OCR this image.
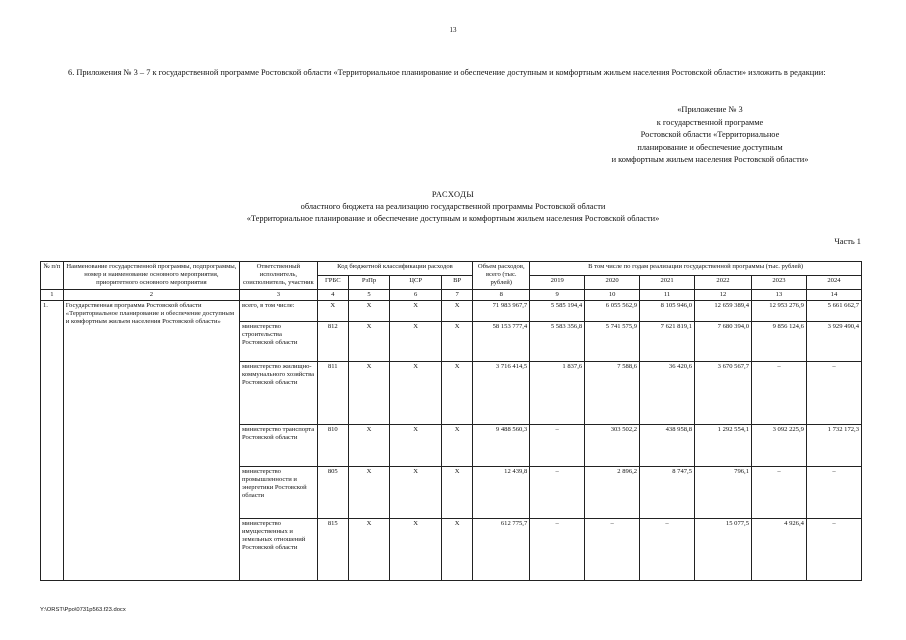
13
6. Приложения № 3 – 7 к государственной программе Ростовской области «Территориальное планирование и обеспечение доступным и комфортным жильем населения Ростовской области» изложить в редакции:
«Приложение № 3
к государственной программе
Ростовской области «Территориальное
планирование и обеспечение доступным
и комфортным жильем населения Ростовской области»
РАСХОДЫ
областного бюджета на реализацию государственной программы Ростовской области
«Территориальное планирование и обеспечение доступным и комфортным жильем населения Ростовской области»
Часть 1
№ п/п	Наименование государственной программы, подпрограммы, номер и наименование основного мероприятия, приоритетного основного мероприятия	Ответственный исполнитель, соисполнитель, участник	Код бюджетной классификации расходов				Объем расходов, всего (тыс. рублей)	В том числе по годам реализации государственной программы (тыс. рублей)					
			ГРБС	РзПр	ЦСР	ВР		2019	2020	2021	2022	2023	2024
1	2	3	4	5	6	7	8	9	10	11	12	13	14
1.	Государственная программа Ростовской области «Территориальное планирование и обеспечение доступным и комфортным жильем населения Ростовской области»	всего, в том числе:	X	X	X	X	71 983 967,7	5 585 194,4	6 055 562,9	8 105 946,0	12 659 389,4	12 953 276,9	5 661 662,7
		министерство строительства Ростовской области	812	X	X	X	58 153 777,4	5 583 356,8	5 741 575,9	7 621 819,1	7 680 394,0	9 856 124,6	3 929 490,4
		министерство жилищно-коммунального хозяйства Ростовской области	811	X	X	X	3 716 414,5	1 837,6	7 588,6	36 420,6	3 670 567,7	–	–
		министерство транспорта Ростовской области	810	X	X	X	9 488 560,3	–	303 502,2	438 958,8	1 292 554,1	3 092 225,9	1 732 172,3
		министерство промышленности и энергетики Ростовской области	805	X	X	X	12 439,8	–	2 896,2	8 747,5	796,1	–	–
		министерство имущественных и земельных отношений Ростовской области	815	X	X	X	612 775,7	–	–	–	15 077,5	4 926,4	–
Y:\ORST\Ppo\0731p563.f23.docx
